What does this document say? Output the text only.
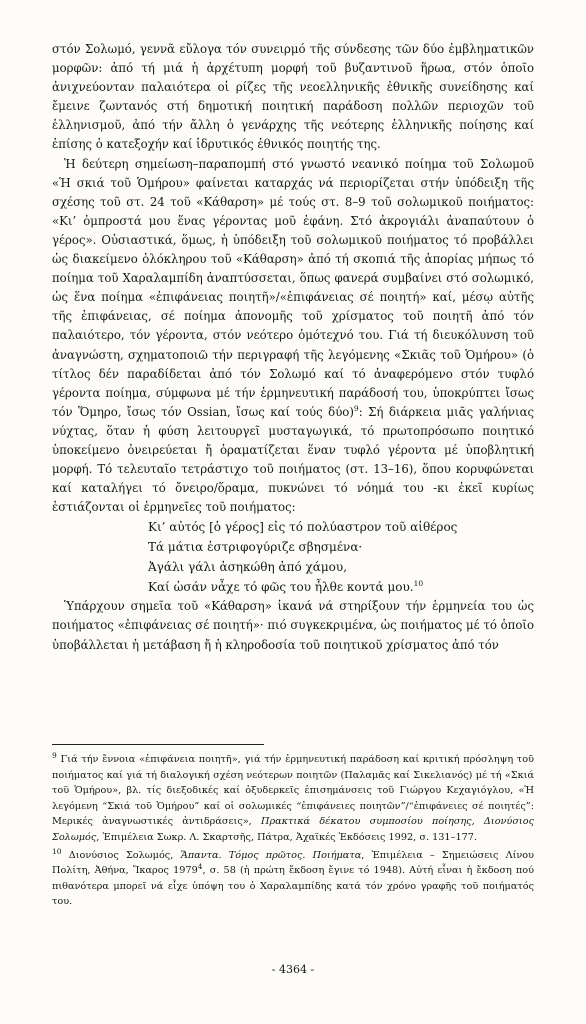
στόν Σολωμό, γεννᾶ εὔλογα τόν συνειρμό τῆς σύνδεσης τῶν δύο ἐμβληματικῶν μορφῶν: ἀπό τή μιά ἡ ἀρχέτυπη μορφή τοῦ βυζαντινοῦ ἥρωα, στόν ὁποῖο ἀνιχνεύονταν παλαιότερα οἱ ρίζες τῆς νεοελληνικῆς ἐθνικῆς συνείδησης καί ἔμεινε ζωντανός στή δημοτική ποιητική παράδοση πολλῶν περιοχῶν τοῦ ἑλληνισμοῦ, ἀπό τήν ἄλλη ὁ γενάρχης τῆς νεότερης ἑλληνικῆς ποίησης καί ἐπίσης ὁ κατεξοχήν καί ἱδρυτικός ἐθνικός ποιητής της.

Ἡ δεύτερη σημείωση–παραπομπή στό γνωστό νεανικό ποίημα τοῦ Σολωμοῦ «Ἡ σκιά τοῦ Ὁμήρου» φαίνεται καταρχάς νά περιορίζεται στήν ὑπόδειξη τῆς σχέσης τοῦ στ. 24 τοῦ «Κάθαρση» μέ τούς στ. 8–9 τοῦ σολωμικοῦ ποιήματος: «Κι’ ὀμπροστά μου ἕνας γέροντας μοῦ ἐφάνη. Στό ἀκρογιάλι ἀναπαύτουν ὁ γέρος». Οὐσιαστικά, ὅμως, ἡ ὑπόδειξη τοῦ σολωμικοῦ ποιήματος τό προβάλλει ὡς διακείμενο ὁλόκληρου τοῦ «Κάθαρση» ἀπό τή σκοπιά τῆς ἀπορίας μήπως τό ποίημα τοῦ Χαραλαμπίδη ἀναπτύσσεται, ὅπως φανερά συμβαίνει στό σολωμικό, ὡς ἕνα ποίημα «ἐπιφάνειας ποιητῆ»/«ἐπιφάνειας σέ ποιητή» καί, μέσῳ αὐτῆς τῆς ἐπιφάνειας, σέ ποίημα ἀπονομῆς τοῦ χρίσματος τοῦ ποιητῆ ἀπό τόν παλαιότερο, τόν γέροντα, στόν νεότερο ὁμότεχνό του. Γιά τή διευκόλυνση τοῦ ἀναγνώστη, σχηματοποιῶ τήν περιγραφή τῆς λεγόμενης «Σκιᾶς τοῦ Ὁμήρου» (ὁ τίτλος δέν παραδίδεται ἀπό τόν Σολωμό καί τό ἀναφερόμενο στόν τυφλό γέροντα ποίημα, σύμφωνα μέ τήν ἑρμηνευτική παράδοσή του, ὑποκρύπτει ἴσως τόν Ὅμηρο, ἴσως τόν Ossian, ἴσως καί τούς δύο)$^9$: Σή διάρκεια μιᾶς γαλήνιας νύχτας, ὅταν ἡ φύση λειτουργεῖ μυσταγωγικά, τό πρωτοπρόσωπο ποιητικό ὑποκείμενο ὀνειρεύεται ἤ ὁραματίζεται ἕναν τυφλό γέροντα μέ ὑποβλητική μορφή. Τό τελευταῖο τετράστιχο τοῦ ποιήματος (στ. 13–16), ὅπου κορυφώνεται καί καταλήγει τό ὄνειρο/ὅραμα, πυκνώνει τό νόημά του -κι ἐκεῖ κυρίως ἑστιάζονται οἱ ἑρμηνεῖες τοῦ ποιήματος:

Κι’ αὐτός [ὁ γέρος] εἰς τό πολύαστρον τοῦ αἰθέρος
Τά μάτια ἐστριφογύριζε σβησμένα·
Ἀγάλι γάλι ἀσηκώθη ἀπό χάμου,
Καί ὡσάν νἆχε τό φῶς του ἦλθε κοντά μου.$^{10}$

Ὑπάρχουν σημεῖα τοῦ «Κάθαρση» ἱκανά νά στηρίξουν τήν ἑρμηνεία του ὡς ποιήματος «ἐπιφάνειας σέ ποιητή»· πιό συγκεκριμένα, ὡς ποιήματος μέ τό ὁποῖο ὑποβάλλεται ἡ μετάβαση ἤ ἡ κληροδοσία τοῦ ποιητικοῦ χρίσματος ἀπό τόν

$^9$ Γιά τήν ἔννοια «ἐπιφάνεια ποιητῆ», γιά τήν ἑρμηνευτική παράδοση καί κριτική πρόσληψη τοῦ ποιήματος καί γιά τή διαλογική σχέση νεότερων ποιητῶν (Παλαμᾶς καί Σικελιανός) μέ τή «Σκιά τοῦ Ὁμήρου», βλ. τίς διεξοδικές καί ὀξυδερκεῖς ἐπισημάνσεις τοῦ Γιώργου Κεχαγιόγλου, «Ἡ λεγόμενη “Σκιά τοῦ Ὁμήρου” καί οἱ σολωμικές “ἐπιφάνειες ποιητῶν”/“ἐπιφάνειες σέ ποιητές”: Μερικές ἀναγνωστικές ἀντιδράσεις», Πρακτικά δέκατου συμποσίου ποίησης, Διονύσιος Σολωμός, Ἐπιμέλεια Σωκρ. Λ. Σκαρτσῆς, Πάτρα, Ἀχαϊκές Ἐκδόσεις 1992, σ. 131–177.

$^{10}$ Διονύσιος Σολωμός, Ἅπαντα. Τόμος πρῶτος. Ποιήματα, Ἐπιμέλεια – Σημειώσεις Λίνου Πολίτη, Ἀθήνα, Ἴκαρος 1979$^4$, σ. 58 (ἡ πρώτη ἔκδοση ἔγινε τό 1948). Αὐτή εἶναι ἡ ἔκδοση πού πιθανότερα μπορεῖ νά εἶχε ὑπόψη του ὁ Χαραλαμπίδης κατά τόν χρόνο γραφῆς τοῦ ποιήματός του.

- 4364 -
